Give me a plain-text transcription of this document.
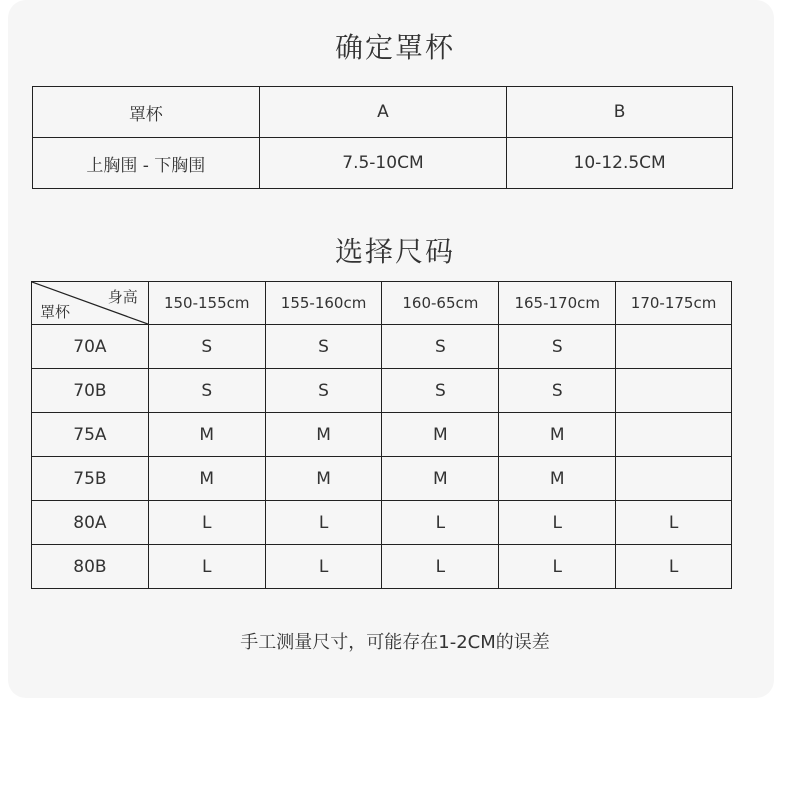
确定罩杯
罩杯	A	B
上胸围 - 下胸围	7.5-10CM	10-12.5CM
选择尺码
身高
罩杯	150-155cm	155-160cm	160-65cm	165-170cm	170-175cm
70A	S	S	S	S	
70B	S	S	S	S	
75A	M	M	M	M	
75B	M	M	M	M	
80A	L	L	L	L	L
80B	L	L	L	L	L
手工测量尺寸，可能存在1-2CM的误差
